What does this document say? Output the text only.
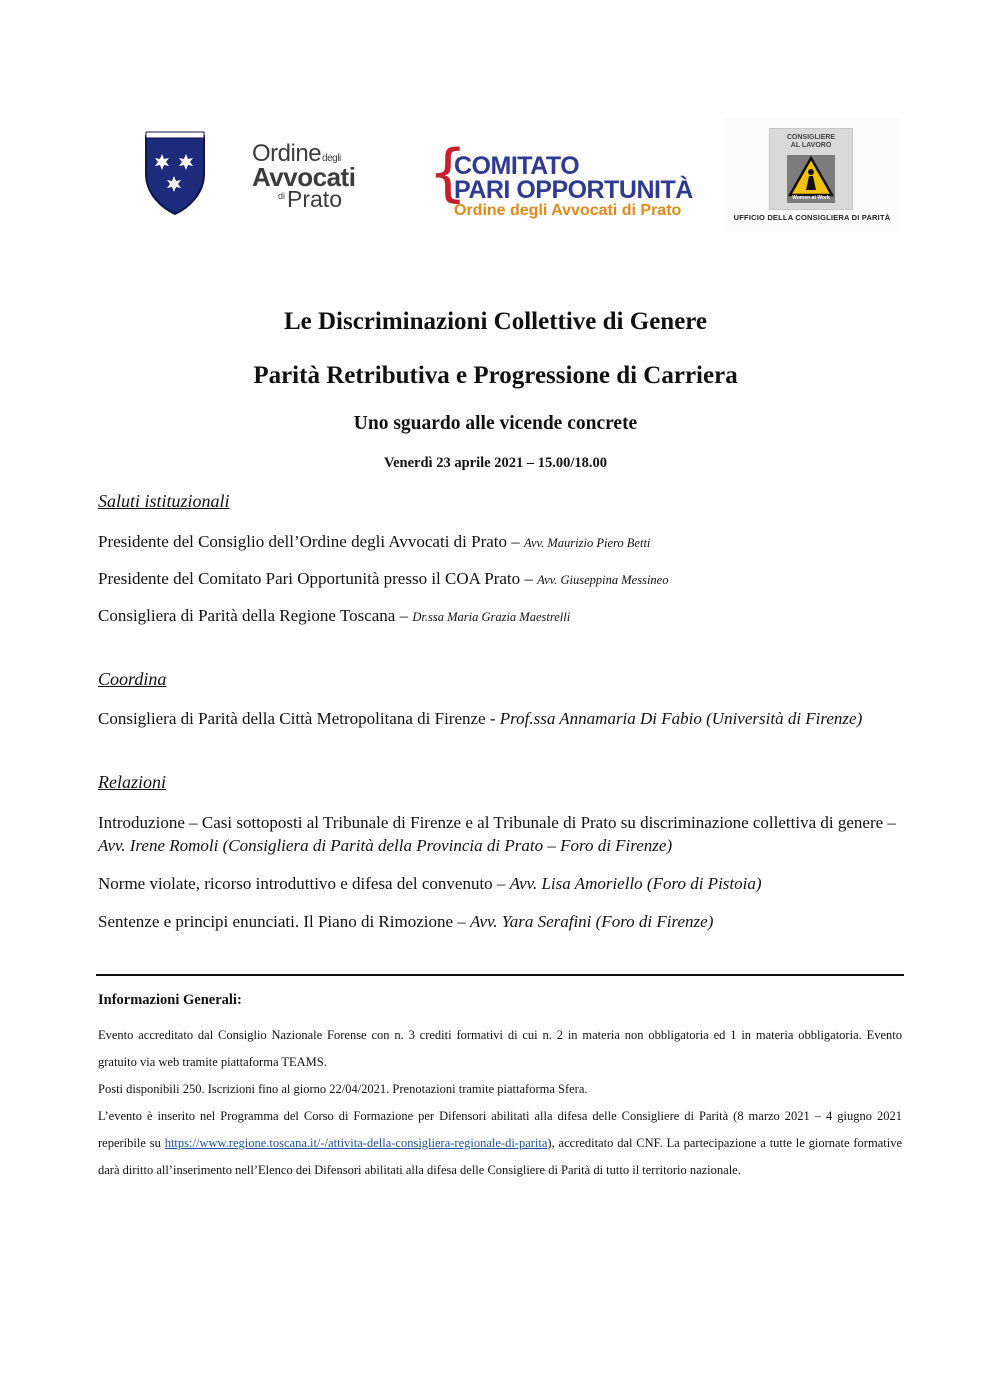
Ordinedegli
Avvocati
$^{di}$Prato {
COMITATO
PARI OPPORTUNITÀ
Ordine degli Avvocati di Prato
CONSIGLIERE
AL LAVORO
Women at Work
UFFICIO DELLA CONSIGLIERA DI PARITÀ
Le Discriminazioni Collettive di Genere
Parità Retributiva e Progressione di Carriera
Uno sguardo alle vicende concrete
Venerdì 23 aprile 2021 – 15.00/18.00
Saluti istituzionali
Presidente del Consiglio dell’Ordine degli Avvocati di Prato – Avv. Maurizio Piero Betti
Presidente del Comitato Pari Opportunità presso il COA Prato – Avv. Giuseppina Messineo
Consigliera di Parità della Regione Toscana – Dr.ssa Maria Grazia Maestrelli
Coordina
Consigliera di Parità della Città Metropolitana di Firenze - Prof.ssa Annamaria Di Fabio (Università di Firenze)
Relazioni
Introduzione – Casi sottoposti al Tribunale di Firenze e al Tribunale di Prato su discriminazione collettiva di genere – Avv. Irene Romoli (Consigliera di Parità della Provincia di Prato – Foro di Firenze)
Norme violate, ricorso introduttivo e difesa del convenuto – Avv. Lisa Amoriello (Foro di Pistoia)
Sentenze e principi enunciati. Il Piano di Rimozione – Avv. Yara Serafini (Foro di Firenze)
Informazioni Generali:
Evento accreditato dal Consiglio Nazionale Forense con n. 3 crediti formativi di cui n. 2 in materia non obbligatoria ed 1 in materia obbligatoria. Evento gratuito via web tramite piattaforma TEAMS.
Posti disponibili 250. Iscrizioni fino al giorno 22/04/2021. Prenotazioni tramite piattaforma Sfera.
L’evento è inserito nel Programma del Corso di Formazione per Difensori abilitati alla difesa delle Consigliere di Parità (8 marzo 2021 – 4 giugno 2021 reperibile su https://www.regione.toscana.it/-/attivita-della-consigliera-regionale-di-parita), accreditato dal CNF. La partecipazione a tutte le giornate formative darà diritto all’inserimento nell’Elenco dei Difensori abilitati alla difesa delle Consigliere di Parità di tutto il territorio nazionale.
